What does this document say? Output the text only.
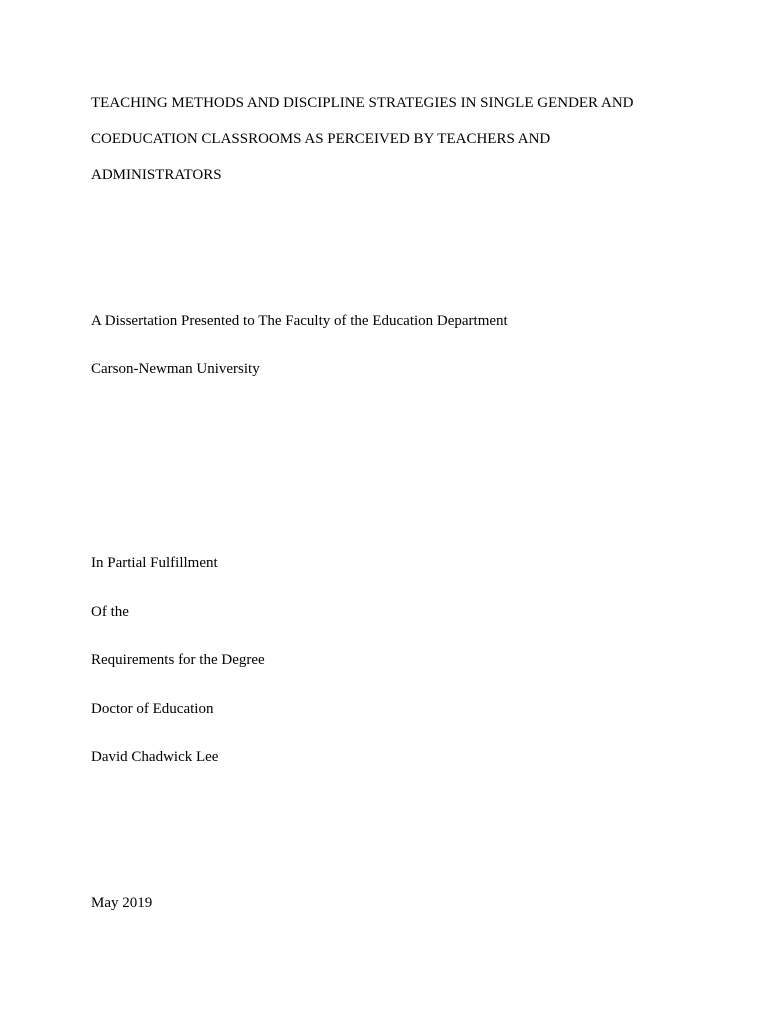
TEACHING METHODS AND DISCIPLINE STRATEGIES IN SINGLE GENDER AND
COEDUCATION CLASSROOMS AS PERCEIVED BY TEACHERS AND
ADMINISTRATORS
A Dissertation Presented to The Faculty of the Education Department
Carson-Newman University
In Partial Fulfillment
Of the
Requirements for the Degree
Doctor of Education
David Chadwick Lee
May 2019
